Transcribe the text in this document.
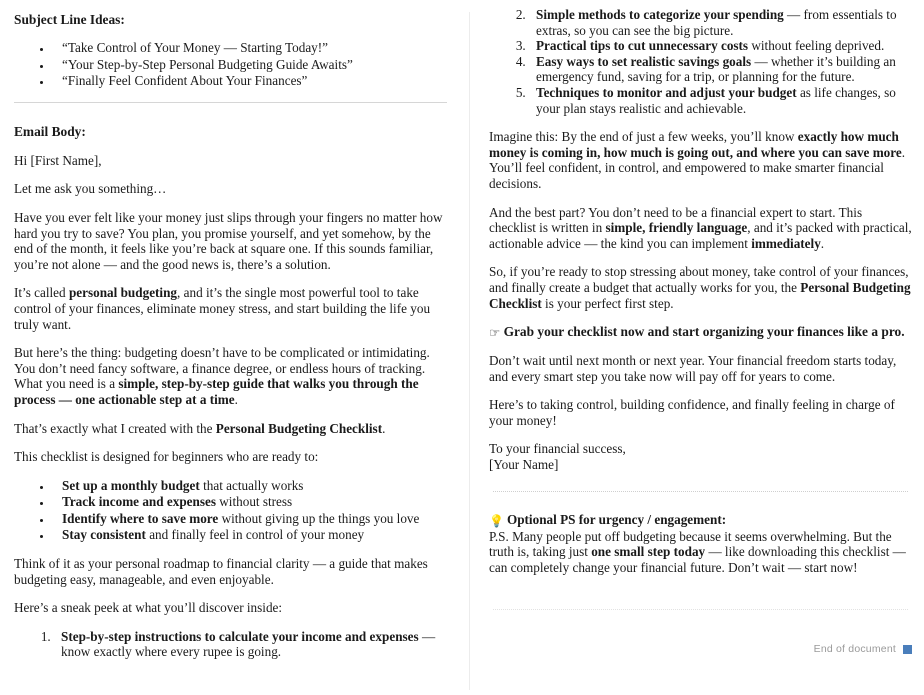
Subject Line Ideas:
• “Take Control of Your Money — Starting Today!”
• “Your Step-by-Step Personal Budgeting Guide Awaits”
• “Finally Feel Confident About Your Finances”
Email Body:

Hi [First Name],

Let me ask you something…

Have you ever felt like your money just slips through your fingers no matter how hard you try to save? You plan, you promise yourself, and yet somehow, by the end of the month, it feels like you’re back at square one. If this sounds familiar, you’re not alone — and the good news is, there’s a solution.

It’s called personal budgeting, and it’s the single most powerful tool to take control of your finances, eliminate money stress, and start building the life you truly want.

But here’s the thing: budgeting doesn’t have to be complicated or intimidating. You don’t need fancy software, a finance degree, or endless hours of tracking. What you need is a simple, step-by-step guide that walks you through the process — one actionable step at a time.

That’s exactly what I created with the Personal Budgeting Checklist.

This checklist is designed for beginners who are ready to:

• Set up a monthly budget that actually works
• Track income and expenses without stress
• Identify where to save more without giving up the things you love
• Stay consistent and finally feel in control of your money

Think of it as your personal roadmap to financial clarity — a guide that makes budgeting easy, manageable, and even enjoyable.

Here’s a sneak peek at what you’ll discover inside:

1. Step-by-step instructions to calculate your income and expenses — know exactly where every rupee is going.
2. Simple methods to categorize your spending — from essentials to extras, so you can see the big picture.
3. Practical tips to cut unnecessary costs without feeling deprived.
4. Easy ways to set realistic savings goals — whether it’s building an emergency fund, saving for a trip, or planning for the future.
5. Techniques to monitor and adjust your budget as life changes, so your plan stays realistic and achievable.

Imagine this: By the end of just a few weeks, you’ll know exactly how much money is coming in, how much is going out, and where you can save more. You’ll feel confident, in control, and empowered to make smarter financial decisions.

And the best part? You don’t need to be a financial expert to start. This checklist is written in simple, friendly language, and it’s packed with practical, actionable advice — the kind you can implement immediately.

So, if you’re ready to stop stressing about money, take control of your finances, and finally create a budget that actually works for you, the Personal Budgeting Checklist is your perfect first step.

☞ Grab your checklist now and start organizing your finances like a pro.

Don’t wait until next month or next year. Your financial freedom starts today, and every smart step you take now will pay off for years to come.

Here’s to taking control, building confidence, and finally feeling in charge of your money!

To your financial success,

[Your Name]

💡 Optional PS for urgency / engagement:

P.S. Many people put off budgeting because it seems overwhelming. But the truth is, taking just one small step today — like downloading this checklist — can completely change your financial future. Don’t wait — start now!

End of document
